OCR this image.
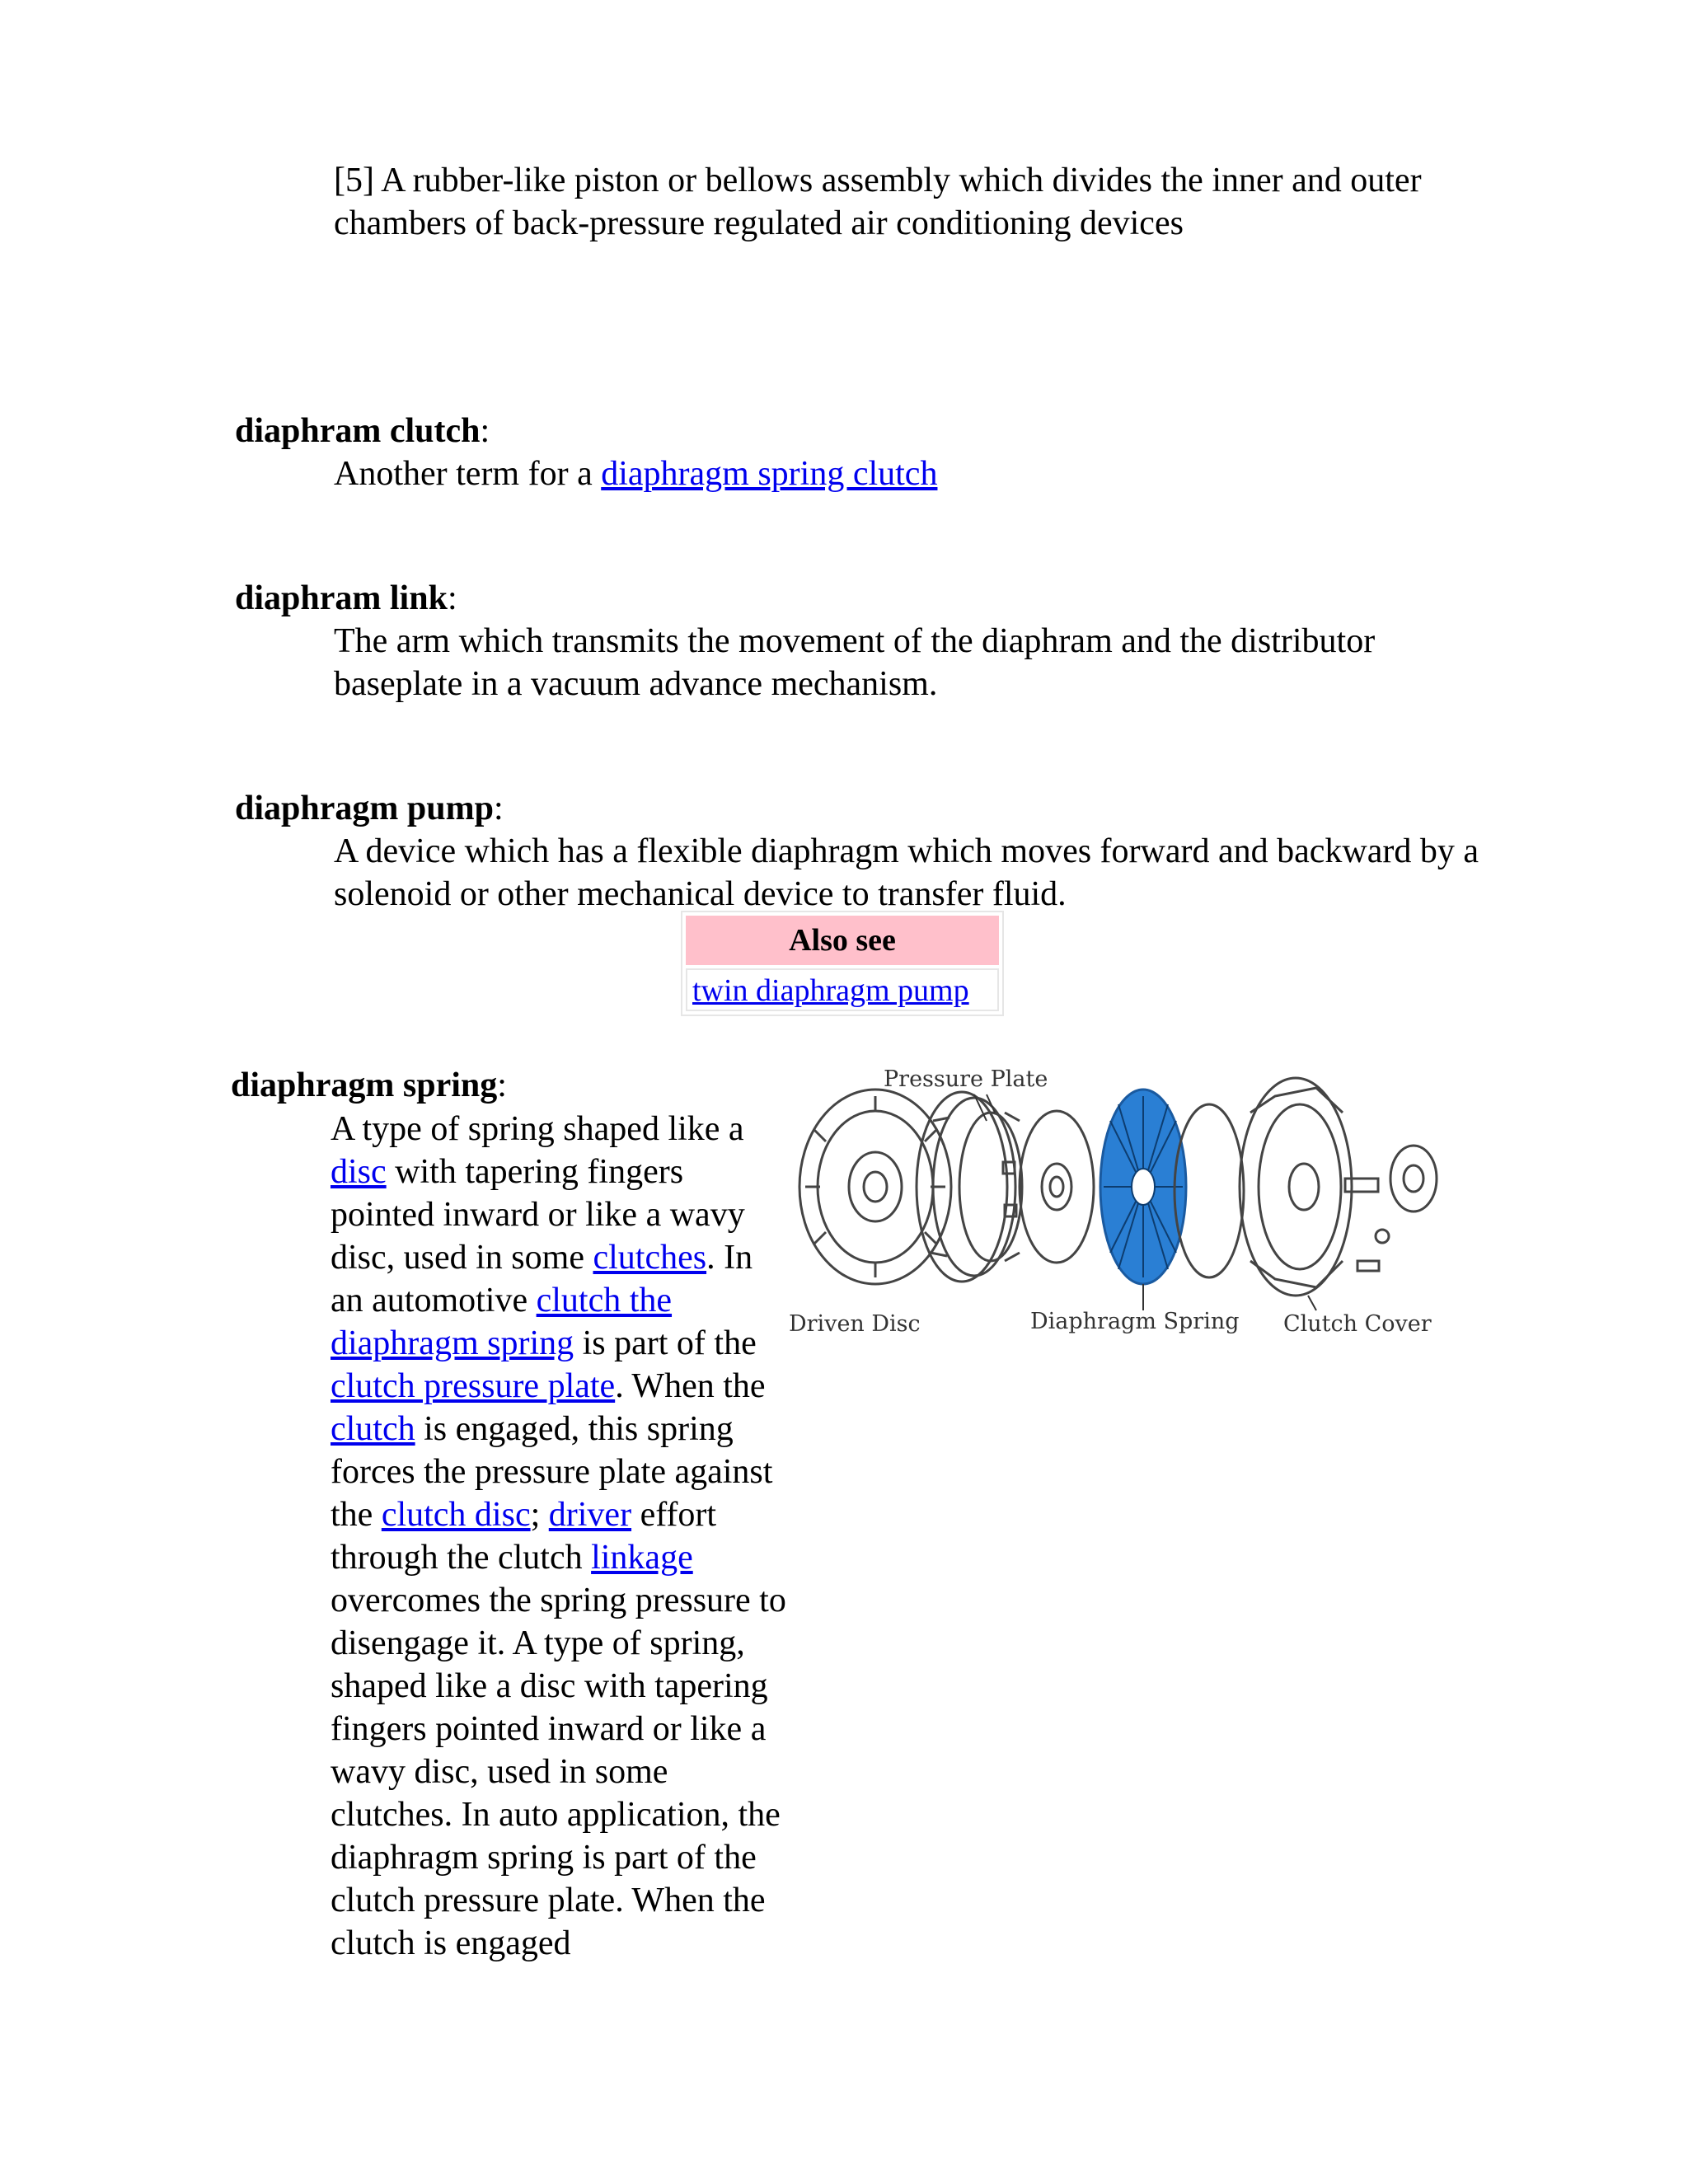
[5] A rubber-like piston or bellows assembly which divides the inner and outer chambers of back-pressure regulated air conditioning devices
diaphram clutch:
Another term for a diaphragm spring clutch
diaphram link:
The arm which transmits the movement of the diaphram and the distributor baseplate in a vacuum advance mechanism.
diaphragm pump:
A device which has a flexible diaphragm which moves forward and backward by a solenoid or other mechanical device to transfer fluid.
Also see
twin diaphragm pump
diaphragm spring:
A type of spring shaped like a disc with tapering fingers pointed inward or like a wavy disc, used in some clutches. In an automotive clutch the diaphragm spring is part of the clutch pressure plate. When the clutch is engaged, this spring forces the pressure plate against the clutch disc; driver effort through the clutch linkage overcomes the spring pressure to disengage it. A type of spring, shaped like a disc with tapering fingers pointed inward or like a wavy disc, used in some clutches. In auto application, the diaphragm spring is part of the clutch pressure plate. When the clutch is engaged
Pressure Plate
Driven Disc	Diaphragm Spring Clutch Cover
